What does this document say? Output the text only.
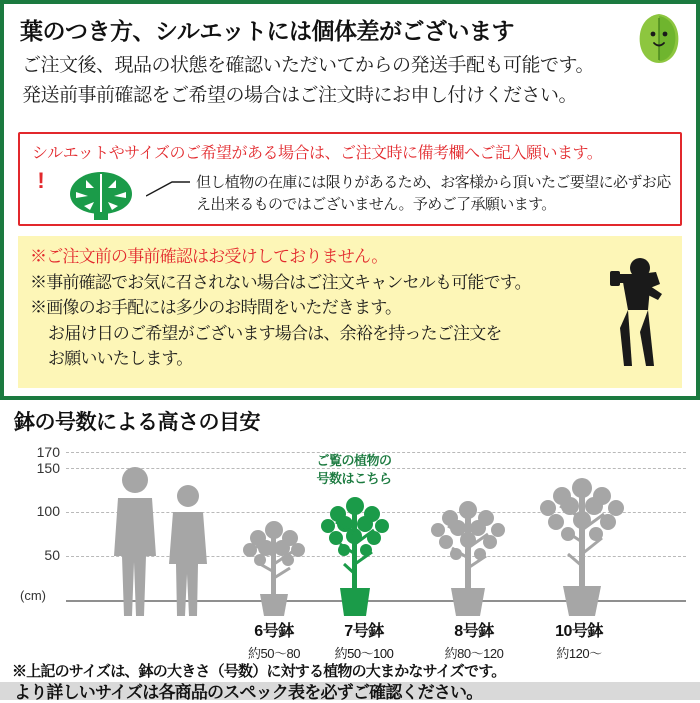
葉のつき方、シルエットには個体差がございます
ご注文後、現品の状態を確認いただいてからの発送手配も可能です。
発送前事前確認をご希望の場合はご注文時にお申し付けください。
シルエットやサイズのご希望がある場合は、ご注文時に備考欄へご記入願います。
!	但し植物の在庫には限りがあるため、お客様から頂いたご要望に必ずお応え出来るものではございません。予めご了承願います。
※ご注文前の事前確認はお受けしておりません。
※事前確認でお気に召されない場合はご注文キャンセルも可能です。
※画像のお手配には多少のお時間をいただきます。
お届け日のご希望がございます場合は、余裕を持ったご注文を
お願いいたします。
鉢の号数による高さの目安
170
150
100
50
(cm)
ご覧の植物の
号数はこちら
6号鉢
約50〜80
7号鉢
約50〜100
8号鉢
約80〜120
10号鉢
約120〜
※上記のサイズは、鉢の大きさ（号数）に対する植物の大まかなサイズです。
より詳しいサイズは各商品のスペック表を必ずご確認ください。
